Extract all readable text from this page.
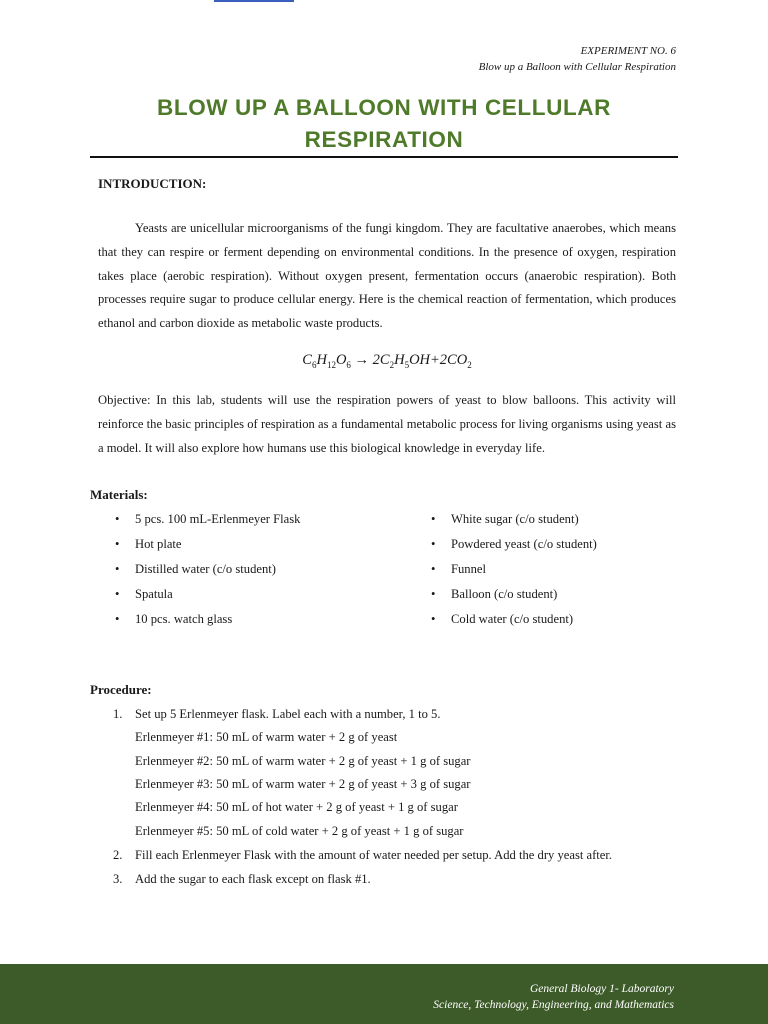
EXPERIMENT NO. 6
Blow up a Balloon with Cellular Respiration
BLOW UP A BALLOON WITH CELLULAR
RESPIRATION
INTRODUCTION:

Yeasts are unicellular microorganisms of the fungi kingdom. They are facultative anaerobes, which means that they can respire or ferment depending on environmental conditions. In the presence of oxygen, respiration takes place (aerobic respiration). Without oxygen present, fermentation occurs (anaerobic respiration). Both processes require sugar to produce cellular energy. Here is the chemical reaction of fermentation, which produces ethanol and carbon dioxide as metabolic waste products.

$C_6H_{12}O_6 \to 2C_2H_5OH+2CO_2$

Objective: In this lab, students will use the respiration powers of yeast to blow balloons. This activity will reinforce the basic principles of respiration as a fundamental metabolic process for living organisms using yeast as a model. It will also explore how humans use this biological knowledge in everyday life.

Materials:
• 5 pcs. 100 mL-Erlenmeyer Flask
• Hot plate
• Distilled water (c/o student)
• Spatula
• 10 pcs. watch glass
• White sugar (c/o student)
• Powdered yeast (c/o student)
• Funnel
• Balloon (c/o student)
• Cold water (c/o student)
Procedure:
1. Set up 5 Erlenmeyer flask. Label each with a number, 1 to 5.
Erlenmeyer #1: 50 mL of warm water + 2 g of yeast
Erlenmeyer #2: 50 mL of warm water + 2 g of yeast + 1 g of sugar
Erlenmeyer #3: 50 mL of warm water + 2 g of yeast + 3 g of sugar
Erlenmeyer #4: 50 mL of hot water + 2 g of yeast + 1 g of sugar
Erlenmeyer #5: 50 mL of cold water + 2 g of yeast + 1 g of sugar
2. Fill each Erlenmeyer Flask with the amount of water needed per setup. Add the dry yeast after.
3. Add the sugar to each flask except on flask #1.
General Biology 1- Laboratory
Science, Technology, Engineering, and Mathematics
